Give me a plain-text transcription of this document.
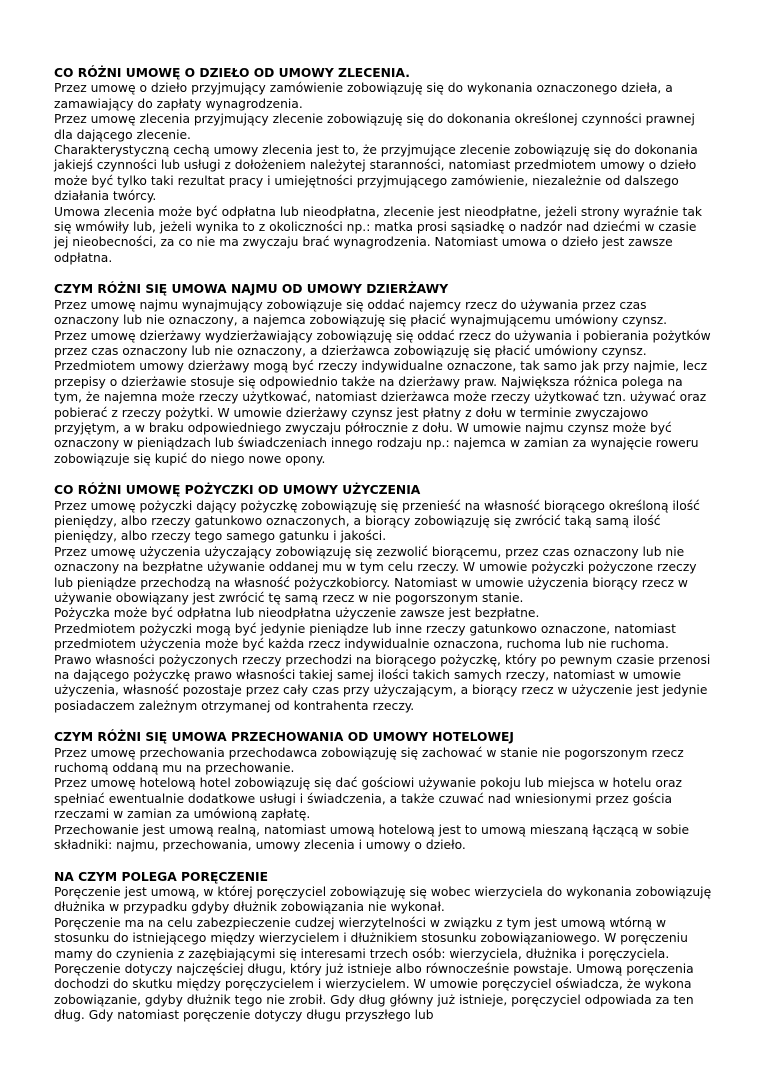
CO RÓŻNI UMOWĘ O DZIEŁO OD UMOWY ZLECENIA.

Przez umowę o dzieło przyjmujący zamówienie zobowiązuję się do wykonania oznaczonego dzieła, a zamawiający do zapłaty wynagrodzenia.

Przez umowę zlecenia przyjmujący zlecenie zobowiązuję się do dokonania określonej czynności prawnej dla dającego zlecenie.

Charakterystyczną cechą umowy zlecenia jest to, że przyjmujące zlecenie zobowiązuję się do dokonania jakiejś czynności lub usługi z dołożeniem należytej staranności, natomiast przedmiotem umowy o dzieło może być tylko taki rezultat pracy i umiejętności przyjmującego zamówienie, niezależnie od dalszego działania twórcy.

Umowa zlecenia może być odpłatna lub nieodpłatna, zlecenie jest nieodpłatne, jeżeli strony wyraźnie tak się wmówiły lub, jeżeli wynika to z okoliczności np.: matka prosi sąsiadkę o nadzór nad dziećmi w czasie jej nieobecności, za co nie ma zwyczaju brać wynagrodzenia. Natomiast umowa o dzieło jest zawsze odpłatna.

CZYM RÓŻNI SIĘ UMOWA NAJMU OD UMOWY DZIERŻAWY

Przez umowę najmu wynajmujący zobowiązuje się oddać najemcy rzecz do używania przez czas oznaczony lub nie oznaczony, a najemca zobowiązuję się płacić wynajmującemu umówiony czynsz.

Przez umowę dzierżawy wydzierżawiający zobowiązuję się oddać rzecz do używania i pobierania pożytków przez czas oznaczony lub nie oznaczony, a dzierżawca zobowiązuję się płacić umówiony czynsz. Przedmiotem umowy dzierżawy mogą być rzeczy indywidualne oznaczone, tak samo jak przy najmie, lecz przepisy o dzierżawie stosuje się odpowiednio także na dzierżawy praw. Największa różnica polega na tym, że najemna może rzeczy użytkować, natomiast dzierżawca może rzeczy użytkować tzn. używać oraz pobierać z rzeczy pożytki. W umowie dzierżawy czynsz jest płatny z dołu w terminie zwyczajowo przyjętym, a w braku odpowiedniego zwyczaju półrocznie z dołu. W umowie najmu czynsz może być oznaczony w pieniądzach lub świadczeniach innego rodzaju np.: najemca w zamian za wynajęcie roweru zobowiązuje się kupić do niego nowe opony.

CO RÓŻNI UMOWĘ POŻYCZKI OD UMOWY UŻYCZENIA

Przez umowę pożyczki dający pożyczkę zobowiązuję się przenieść na własność biorącego określoną ilość pieniędzy, albo rzeczy gatunkowo oznaczonych, a biorący zobowiązuję się zwrócić taką samą ilość pieniędzy, albo rzeczy tego samego gatunku i jakości.

Przez umowę użyczenia użyczający zobowiązuję się zezwolić biorącemu, przez czas oznaczony lub nie oznaczony na bezpłatne używanie oddanej mu w tym celu rzeczy. W umowie pożyczki pożyczone rzeczy lub pieniądze przechodzą na własność pożyczkobiorcy. Natomiast w umowie użyczenia biorący rzecz w używanie obowiązany jest zwrócić tę samą rzecz w nie pogorszonym stanie.

Pożyczka może być odpłatna lub nieodpłatna użyczenie zawsze jest bezpłatne.

Przedmiotem pożyczki mogą być jedynie pieniądze lub inne rzeczy gatunkowo oznaczone, natomiast przedmiotem użyczenia może być każda rzecz indywidualnie oznaczona, ruchoma lub nie ruchoma.

Prawo własności pożyczonych rzeczy przechodzi na biorącego pożyczkę, który po pewnym czasie przenosi na dającego pożyczkę prawo własności takiej samej ilości takich samych rzeczy, natomiast w umowie użyczenia, własność pozostaje przez cały czas przy użyczającym, a biorący rzecz w użyczenie jest jedynie posiadaczem zależnym otrzymanej od kontrahenta rzeczy.

CZYM RÓŻNI SIĘ UMOWA PRZECHOWANIA OD UMOWY HOTELOWEJ

Przez umowę przechowania przechodawca zobowiązuję się zachować w stanie nie pogorszonym rzecz ruchomą oddaną mu na przechowanie.

Przez umowę hotelową hotel zobowiązuję się dać gościowi używanie pokoju lub miejsca w hotelu oraz spełniać ewentualnie dodatkowe usługi i świadczenia, a także czuwać nad wniesionymi przez gościa rzeczami w zamian za umówioną zapłatę.

Przechowanie jest umową realną, natomiast umową hotelową jest to umową mieszaną łączącą w sobie składniki: najmu, przechowania, umowy zlecenia i umowy o dzieło.

NA CZYM POLEGA PORĘCZENIE

Poręczenie jest umową, w której poręczyciel zobowiązuję się wobec wierzyciela do wykonania zobowiązuję dłużnika w przypadku gdyby dłużnik zobowiązania nie wykonał.

Poręczenie ma na celu zabezpieczenie cudzej wierzytelności w związku z tym jest umową wtórną w stosunku do istniejącego między wierzycielem i dłużnikiem stosunku zobowiązaniowego. W poręczeniu mamy do czynienia z zazębiającymi się interesami trzech osób: wierzyciela, dłużnika i poręczyciela. Poręczenie dotyczy najczęściej długu, który już istnieje albo równocześnie powstaje. Umową poręczenia dochodzi do skutku między poręczycielem i wierzycielem. W umowie poręczyciel oświadcza, że wykona zobowiązanie, gdyby dłużnik tego nie zrobił. Gdy dług główny już istnieje, poręczyciel odpowiada za ten dług. Gdy natomiast poręczenie dotyczy długu przyszłego lub
